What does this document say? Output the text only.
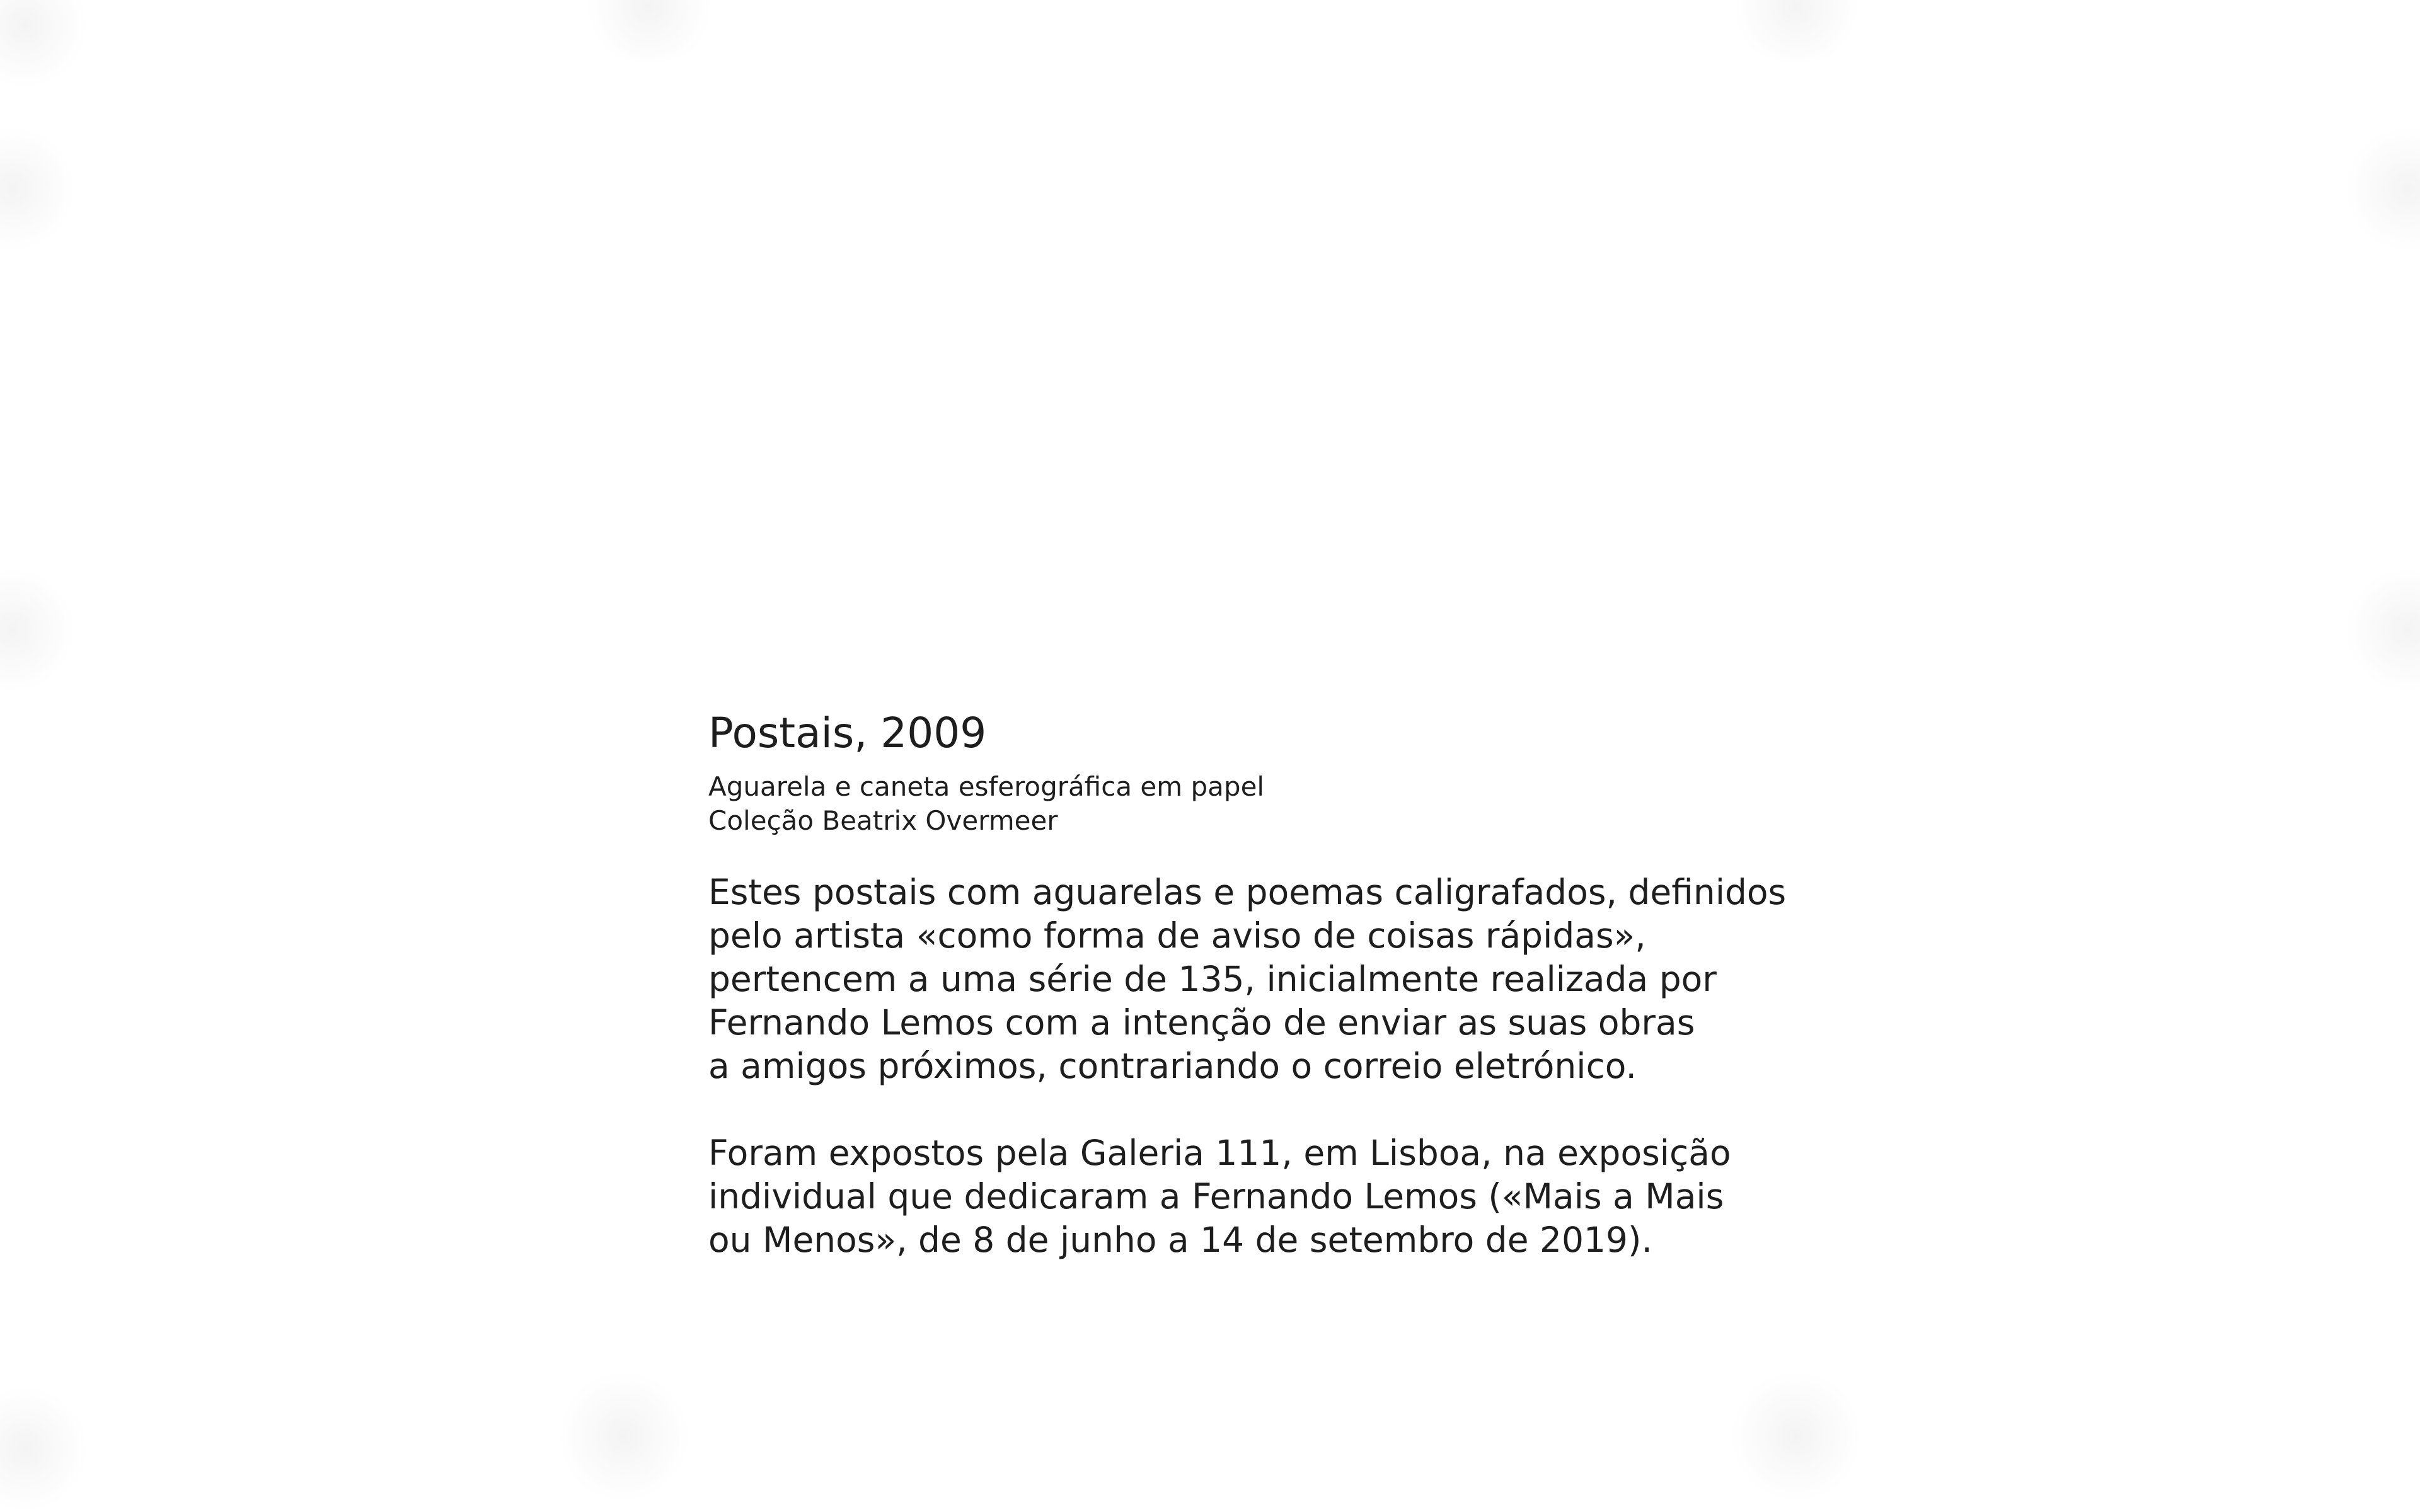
Postais, 2009
Aguarela e caneta esferográfica em papel
Coleção Beatrix Overmeer
Estes postais com aguarelas e poemas caligrafados, definidos
pelo artista «como forma de aviso de coisas rápidas»,
pertencem a uma série de 135, inicialmente realizada por
Fernando Lemos com a intenção de enviar as suas obras
a amigos próximos, contrariando o correio eletrónico.
Foram expostos pela Galeria 111, em Lisboa, na exposição
individual que dedicaram a Fernando Lemos («Mais a Mais
ou Menos», de 8 de junho a 14 de setembro de 2019).
